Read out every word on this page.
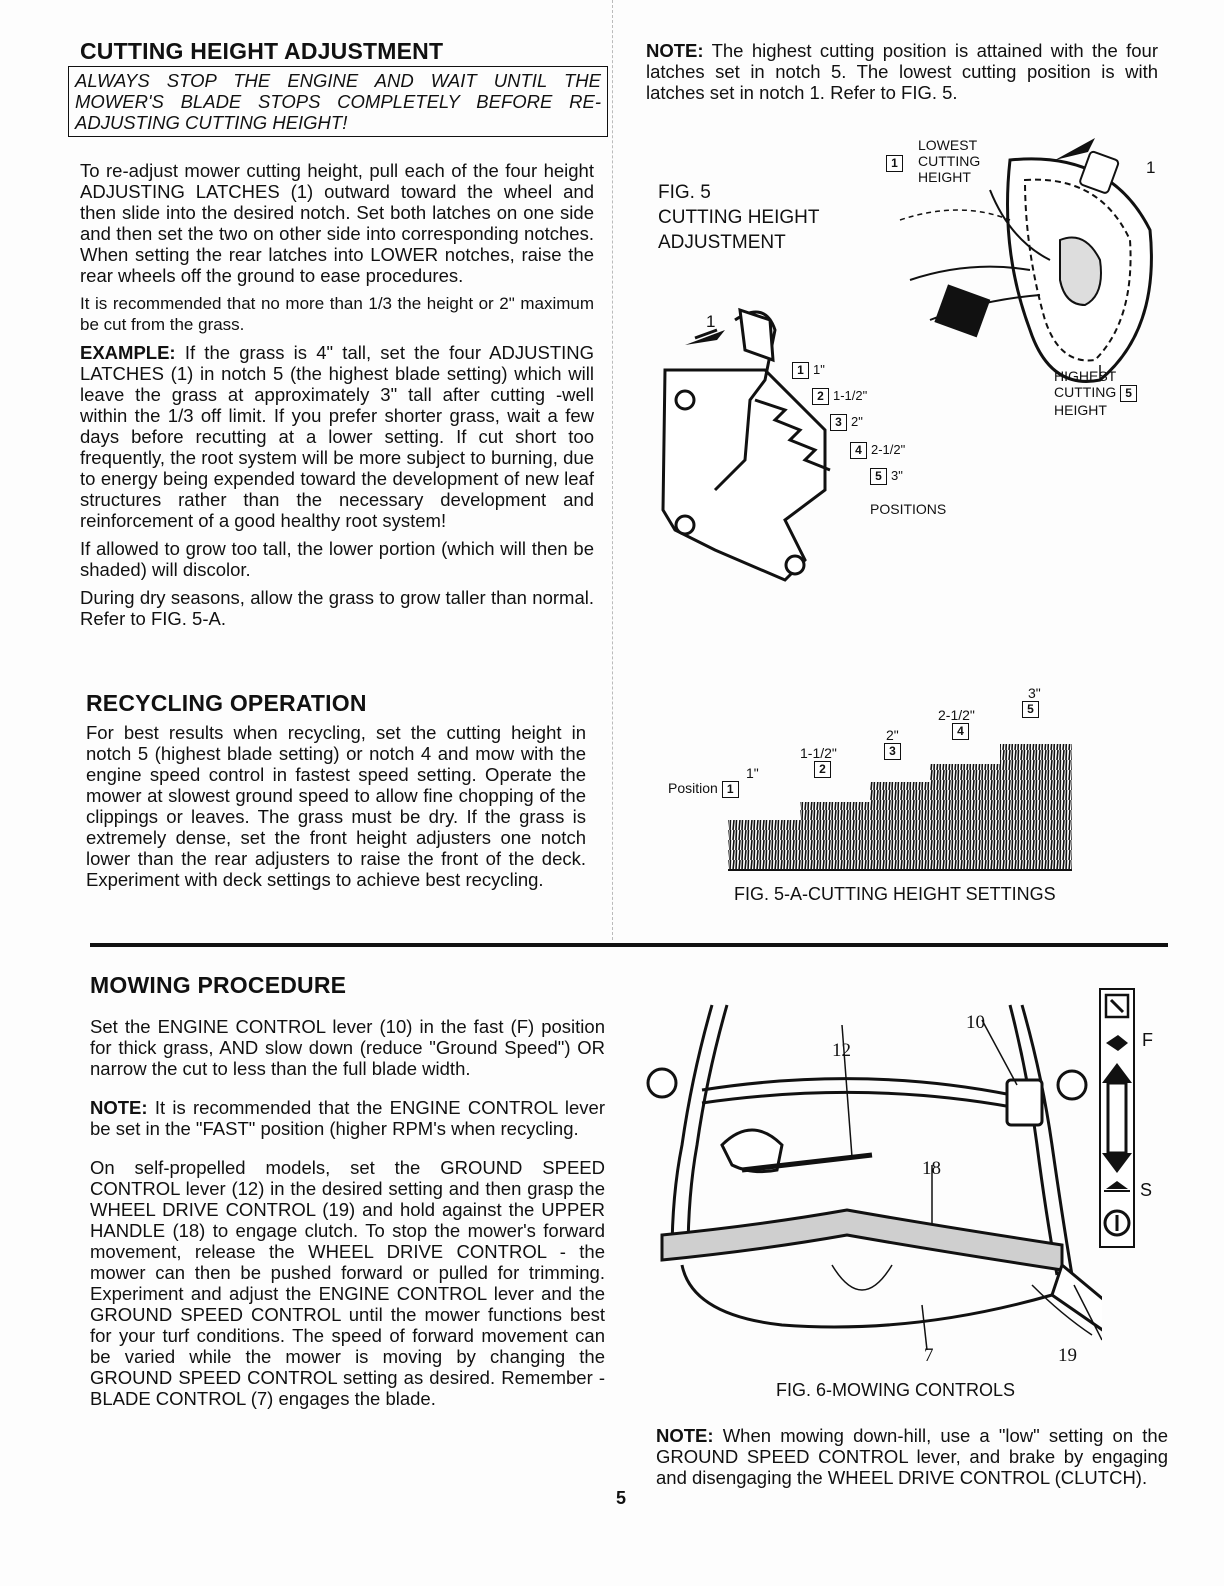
CUTTING HEIGHT ADJUSTMENT
ALWAYS STOP THE ENGINE AND WAIT UNTIL THE MOWER'S BLADE STOPS COMPLETELY BEFORE RE-ADJUSTING CUTTING HEIGHT!

To re-adjust mower cutting height, pull each of the four height ADJUSTING LATCHES (1) outward toward the wheel and then slide into the desired notch. Set both latches on one side and then set the two on other side into corresponding notches. When setting the rear latches into LOWER notches, raise the rear wheels off the ground to ease procedures.

It is recommended that no more than 1/3 the height or 2" maximum be cut from the grass.

EXAMPLE: If the grass is 4" tall, set the four ADJUSTING LATCHES (1) in notch 5 (the highest blade setting) which will leave the grass at approximately 3" tall after cutting -well within the 1/3 off limit. If you prefer shorter grass, wait a few days before recutting at a lower setting. If cut short too frequently, the root system will be more subject to burning, due to energy being expended toward the development of new leaf structures rather than the necessary development and reinforcement of a good healthy root system!

If allowed to grow too tall, the lower portion (which will then be shaded) will discolor.

During dry seasons, allow the grass to grow taller than normal. Refer to FIG. 5-A.

RECYCLING OPERATION
For best results when recycling, set the cutting height in notch 5 (highest blade setting) or notch 4 and mow with the engine speed control in fastest speed setting. Operate the mower at slowest ground speed to allow fine chopping of the clippings or leaves. The grass must be dry. If the grass is extremely dense, set the front height adjusters one notch lower than the rear adjusters to raise the front of the deck. Experiment with deck settings to achieve best recycling.
MOWING PROCEDURE

Set the ENGINE CONTROL lever (10) in the fast (F) position for thick grass, AND slow down (reduce "Ground Speed") OR narrow the cut to less than the full blade width.

NOTE: It is recommended that the ENGINE CONTROL lever be set in the "FAST" position (higher RPM's when recycling.

On self-propelled models, set the GROUND SPEED CONTROL lever (12) in the desired setting and then grasp the WHEEL DRIVE CONTROL (19) and hold against the UPPER HANDLE (18) to engage clutch. To stop the mower's forward movement, release the WHEEL DRIVE CONTROL - the mower can then be pushed forward or pulled for trimming. Experiment and adjust the ENGINE CONTROL lever and the GROUND SPEED CONTROL until the mower functions best for your turf conditions. The speed of forward movement can be varied while the mower is moving by changing the GROUND SPEED CONTROL setting as desired. Remember - BLADE CONTROL (7) engages the blade.

5
NOTE: The highest cutting position is attained with the four latches set in notch 5. The lowest cutting position is with latches set in notch 1. Refer to FIG. 5.
FIG. 5
CUTTING HEIGHT
ADJUSTMENT
1
LOWEST
CUTTING
HEIGHT	1
HIGHEST
CUTTING 5
HEIGHT
1
1 1"
2 1-1/2"
3 2"
4 2-1/2"
5 3"
POSITIONS
3"
5
2-1/2"
4
2"
3
1-1/2"
2
1"
Position 1
FIG. 5-A-CUTTING HEIGHT SETTINGS
10
12
18
7	19
F
S
FIG. 6-MOWING CONTROLS
NOTE: When mowing down-hill, use a "low" setting on the GROUND SPEED CONTROL lever, and brake by engaging and disengaging the WHEEL DRIVE CONTROL (CLUTCH).
